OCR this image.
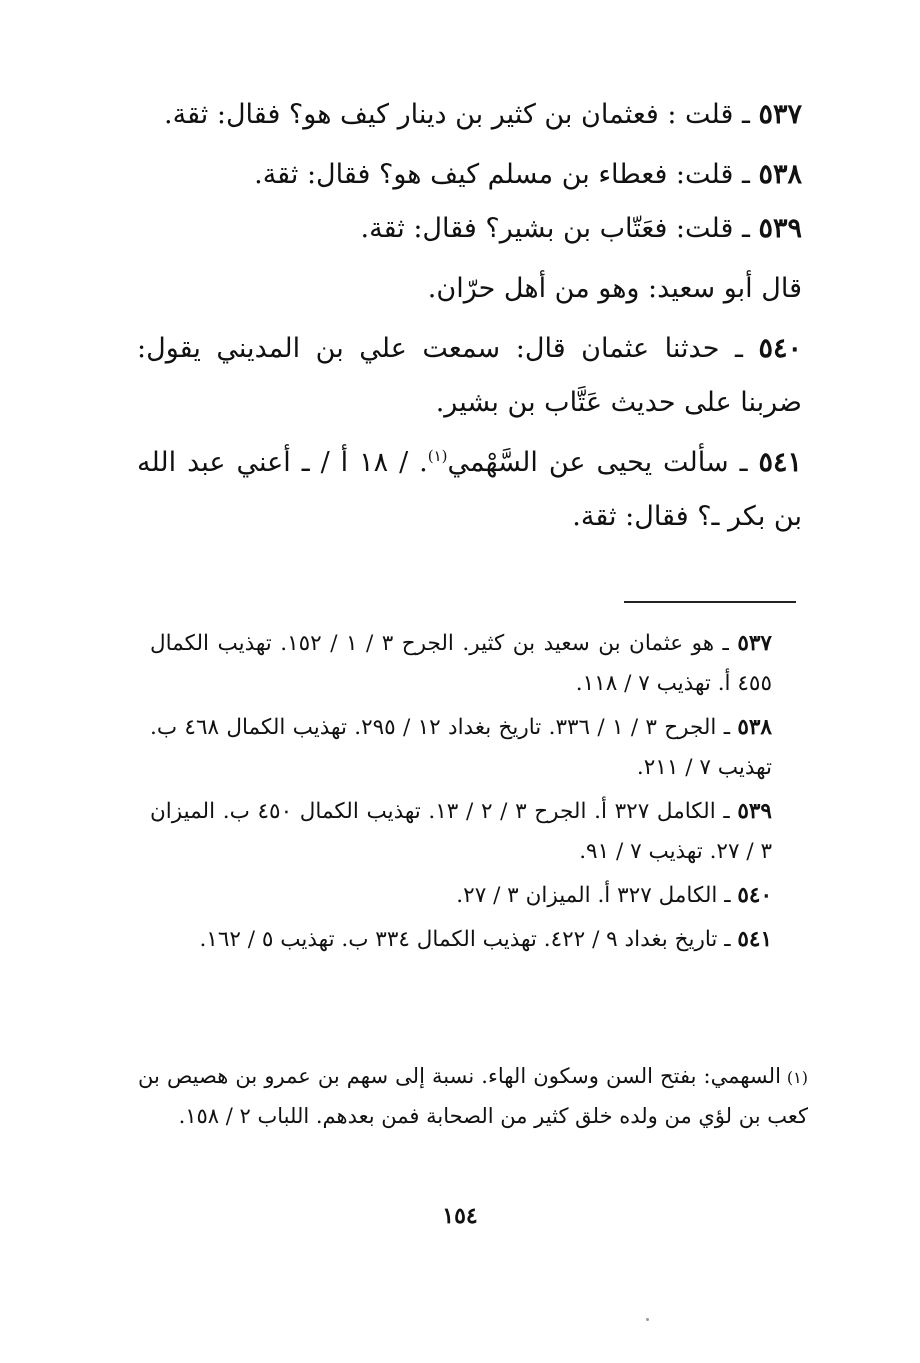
٥٣٧ ـ قلت : فعثمان بن كثير بن دينار كيف هو؟ فقال: ثقة.

٥٣٨ ـ قلت: فعطاء بن مسلم كيف هو؟ فقال: ثقة.

٥٣٩ ـ قلت: فعَتّاب بن بشير؟ فقال: ثقة.

قال أبو سعيد: وهو من أهل حرّان.

٥٤٠ ـ حدثنا عثمان قال: سمعت علي بن المديني يقول: ضربنا على حديث عَتَّاب بن بشير.

٥٤١ ـ سألت يحيى عن السَّهْمي$^{(١)}$. / ١٨ أ / ـ أعني عبد الله بن بكر ـ؟ فقال: ثقة.

٥٣٧ ـ هو عثمان بن سعيد بن كثير. الجرح ٣ / ١ / ١٥٢. تهذيب الكمال ٤٥٥ أ. تهذيب ٧ / ١١٨.

٥٣٨ ـ الجرح ٣ / ١ / ٣٣٦. تاريخ بغداد ١٢ / ٢٩٥. تهذيب الكمال ٤٦٨ ب. تهذيب ٧ / ٢١١.

٥٣٩ ـ الكامل ٣٢٧ أ. الجرح ٣ / ٢ / ١٣. تهذيب الكمال ٤٥٠ ب. الميزان ٣ / ٢٧. تهذيب ٧ / ٩١.

٥٤٠ ـ الكامل ٣٢٧ أ. الميزان ٣ / ٢٧.

٥٤١ ـ تاريخ بغداد ٩ / ٤٢٢. تهذيب الكمال ٣٣٤ ب. تهذيب ٥ / ١٦٢.

(١)السهمي: بفتح السن وسكون الهاء. نسبة إلى سهم بن عمرو بن هصيص بن كعب بن لؤي من ولده خلق كثير من الصحابة فمن بعدهم. اللباب ٢ / ١٥٨.
١٥٤
